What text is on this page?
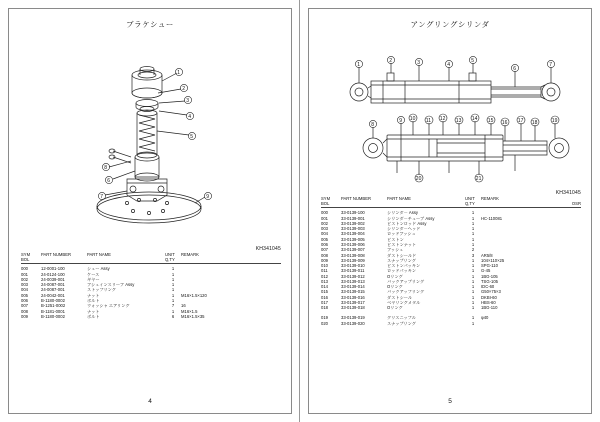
ブラケシュー
1
2
3
4
5
6
7
8
9
KH341045
SYM	PART NUMBER	PART NAME	UNIT	REMARK
BOL			Q,TY	
000	12-0001-100	シュー Assy	1	
001	24-0124-100	ケース	1	
002	24-0039-001	ギヤー	1	
003	24-0087-001	ブシュインスリーブ Assy	1	
004	24-0087-001	ストップリング	1	
005	24-0042-001	ナット	1	M16×1.5×120
006	B-1180-0002	ボルト	1	
007	B-1251-0002	ウォッシャ エアリング	7	16
008	B-1181-0001	ナット	1	M16×1.5
009	B-1180-0002	ボルト	6	M16×1.5×35
4
アングリングシリンダ
1
2	3	4
5
6
7
8
9 10 11 12 13 14 15 16 17 18	19
20	21
KH341045
SYM	PART NUMBER	PART NAME	UNIT	REMARK
BOL			Q,TY	OSR
000	33-0139-100	シリンダ－ Assy	1	
001	33-0139-001	シリンダ－チューブ Assy	1	HC-110081
002	33-0139-002	ピストンロッド Assy	1	
003	33-0139-003	シリンダ－ヘッド	1	
004	33-0139-004	ロッドブッシュ	1	
005	33-0139-005	ピストン	1	
006	33-0139-006	ピストンナット	1	
007	33-0139-007	ブッシュ	2	
008	33-0139-008	ダストシールド	3	AR5/8
009	33-0139-009	スナップリング	1	104×110×25
010	33-0139-010	ピストンパッキン	1	SPG-110
011	33-0139-011	ロッドパッキン	1	G-45
012	33-0139-012	Oリング	1	1BG-105
013	33-0139-013	バックアップリング	1	TSG-105
014	33-0139-014	Oリング	1	IDC-60
015	33-0139-015	バックアップリング	1	G50×75×3
016	33-0139-016	ダストシール	1	DKBI-60
017	33-0139-017	ベヤリングメタル	1	HBS-60
018	33-0139-018	Oリング	1	1BG-110

019	33-0139-019	グリスニップル	1	φ40
020	33-0139-020	スナップリング	1	
5
